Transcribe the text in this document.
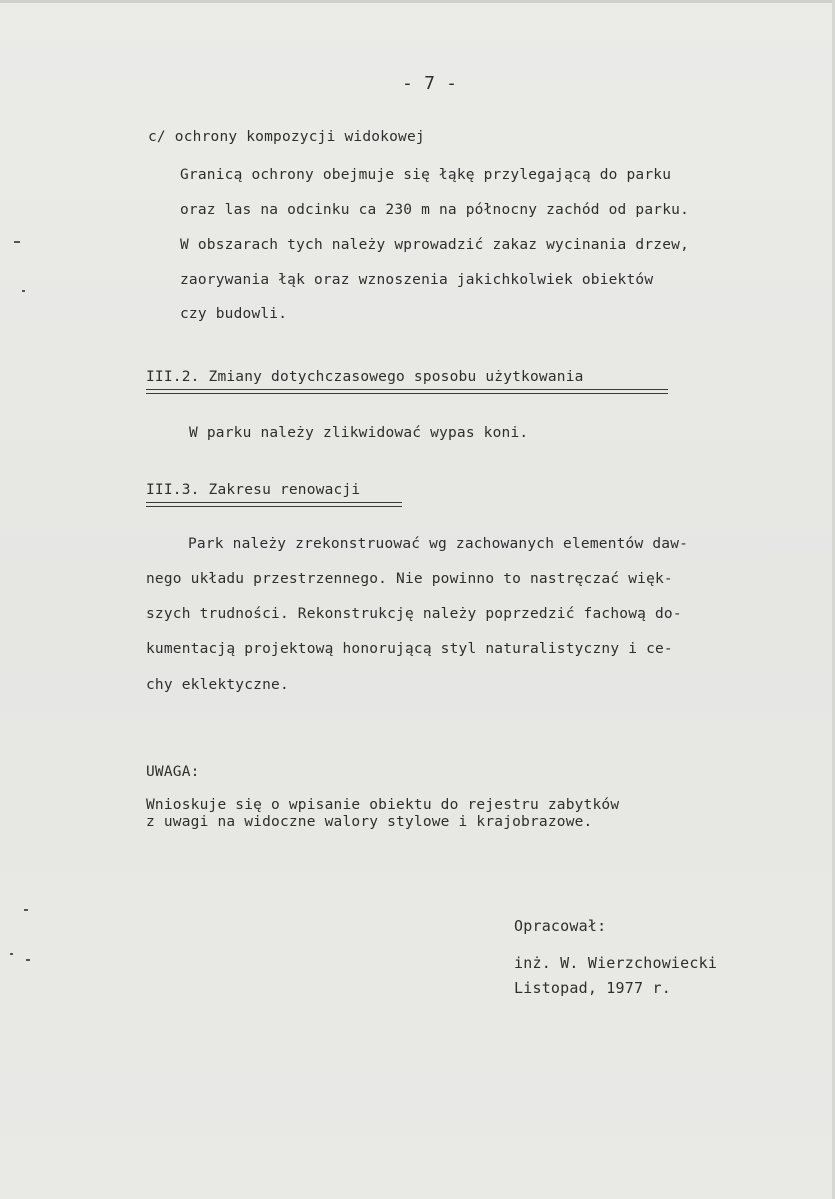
- 7 -
c/ ochrony kompozycji widokowej
Granicą ochrony obejmuje się łąkę przylegającą do parku
oraz las na odcinku ca 230 m na północny zachód od parku.
W obszarach tych należy wprowadzić zakaz wycinania drzew,
zaorywania łąk oraz wznoszenia jakichkolwiek obiektów
czy budowli.
III.2. Zmiany dotychczasowego sposobu użytkowania
W parku należy zlikwidować wypas koni.
III.3. Zakresu renowacji
Park należy zrekonstruować wg zachowanych elementów daw-
nego układu przestrzennego. Nie powinno to nastręczać więk-
szych trudności. Rekonstrukcję należy poprzedzić fachową do-
kumentacją projektową honorującą styl naturalistyczny i ce-
chy eklektyczne.
UWAGA:
Wnioskuje się o wpisanie obiektu do rejestru zabytków
z uwagi na widoczne walory stylowe i krajobrazowe.
Opracował:
inż. W. Wierzchowiecki
Listopad, 1977 r.
